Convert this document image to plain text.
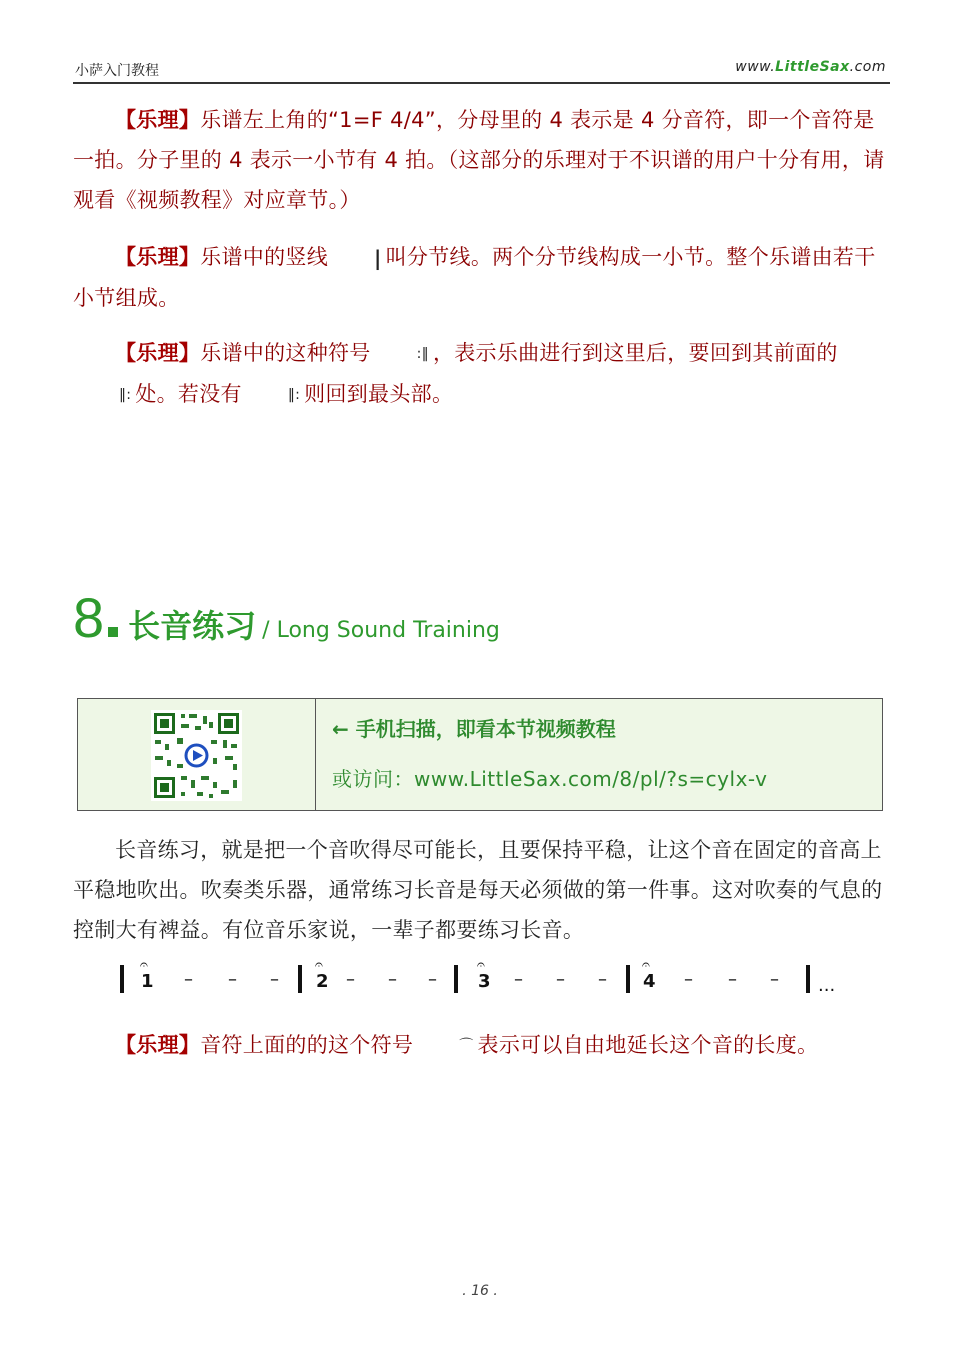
小萨入门教程	www.LittleSax.com
【乐理】乐谱左上角的“1=F 4/4”，分母里的 4 表示是 4 分音符，即一个音符是一拍。分子里的 4 表示一小节有 4 拍。（这部分的乐理对于不识谱的用户十分有用，请观看《视频教程》对应章节。）
【乐理】乐谱中的竖线 | 叫分节线。两个分节线构成一小节。整个乐谱由若干小节组成。
【乐理】乐谱中的这种符号	:‖ ，表示乐曲进行到这里后，要回到其前面的‖: 处。若没有	‖: 则回到最头部。
8 长音练习 / Long Sound Training
← 手机扫描，即看本节视频教程
或访问：www.LittleSax.com/8/pl/?s=cylx-v
长音练习，就是把一个音吹得尽可能长，且要保持平稳，让这个音在固定的音高上平稳地吹出。吹奏类乐器，通常练习长音是每天必须做的第一件事。这对吹奏的气息的控制大有裨益。有位音乐家说，一辈子都要练习长音。
𝄐
1 – – –
𝄐
2 – – –
𝄐
3 – – –
𝄐
4 – – – ...
【乐理】音符上面的的这个符号	⌒ 表示可以自由地延长这个音的长度。
. 16 .
